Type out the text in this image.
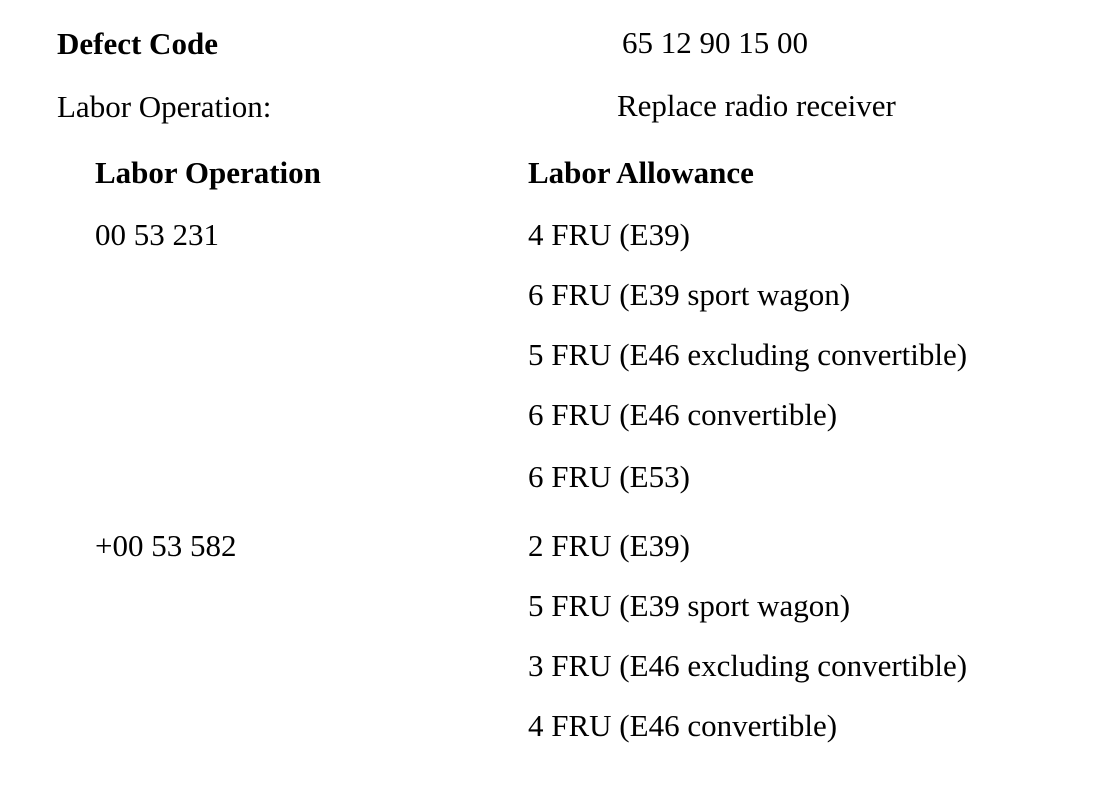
Defect Code	65 12 90 15 00
Labor Operation:	Replace radio receiver
Labor Operation	Labor Allowance
00 53 231	4 FRU (E39)
6 FRU (E39 sport wagon)
5 FRU (E46 excluding convertible)
6 FRU (E46 convertible)
6 FRU (E53)
+00 53 582	2 FRU (E39)
5 FRU (E39 sport wagon)
3 FRU (E46 excluding convertible)
4 FRU (E46 convertible)
